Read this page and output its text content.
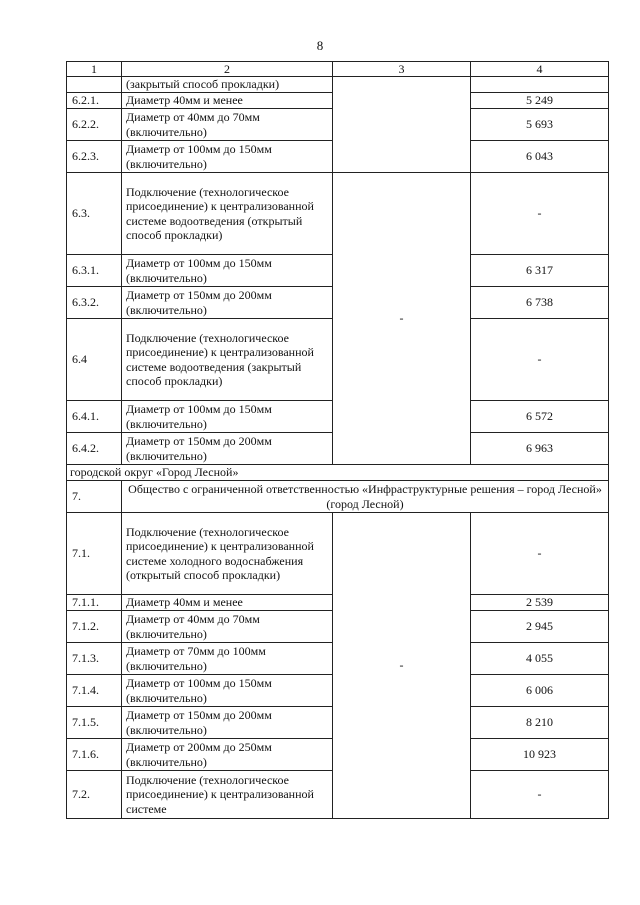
8
1	2	3	4
	(закрытый способ прокладки)		
6.2.1.	Диаметр 40мм и менее		5 249
6.2.2.	Диаметр от 40мм до 70мм (включительно)		5 693
6.2.3.	Диаметр от 100мм до 150мм (включительно)		6 043
6.3.	Подключение (технологическое присоединение) к централизованной системе водоотведения (открытый способ прокладки)	-	-
6.3.1.	Диаметр от 100мм до 150мм (включительно)		6 317
6.3.2.	Диаметр от 150мм до 200мм (включительно)		6 738
6.4	Подключение (технологическое присоединение) к централизованной системе водоотведения (закрытый способ прокладки)		-
6.4.1.	Диаметр от 100мм до 150мм (включительно)		6 572
6.4.2.	Диаметр от 150мм до 200мм (включительно)		6 963
городской округ «Город Лесной»			
7.	Общество с ограниченной ответственностью «Инфраструктурные решения – город Лесной» (город Лесной)		
7.1.	Подключение (технологическое присоединение) к централизованной системе холодного водоснабжения (открытый способ прокладки)	-	-
7.1.1.	Диаметр 40мм и менее		2 539
7.1.2.	Диаметр от 40мм до 70мм (включительно)		2 945
7.1.3.	Диаметр от 70мм до 100мм (включительно)		4 055
7.1.4.	Диаметр от 100мм до 150мм (включительно)		6 006
7.1.5.	Диаметр от 150мм до 200мм (включительно)		8 210
7.1.6.	Диаметр от 200мм до 250мм (включительно)		10 923
7.2.	Подключение (технологическое присоединение) к централизованной системе		-
